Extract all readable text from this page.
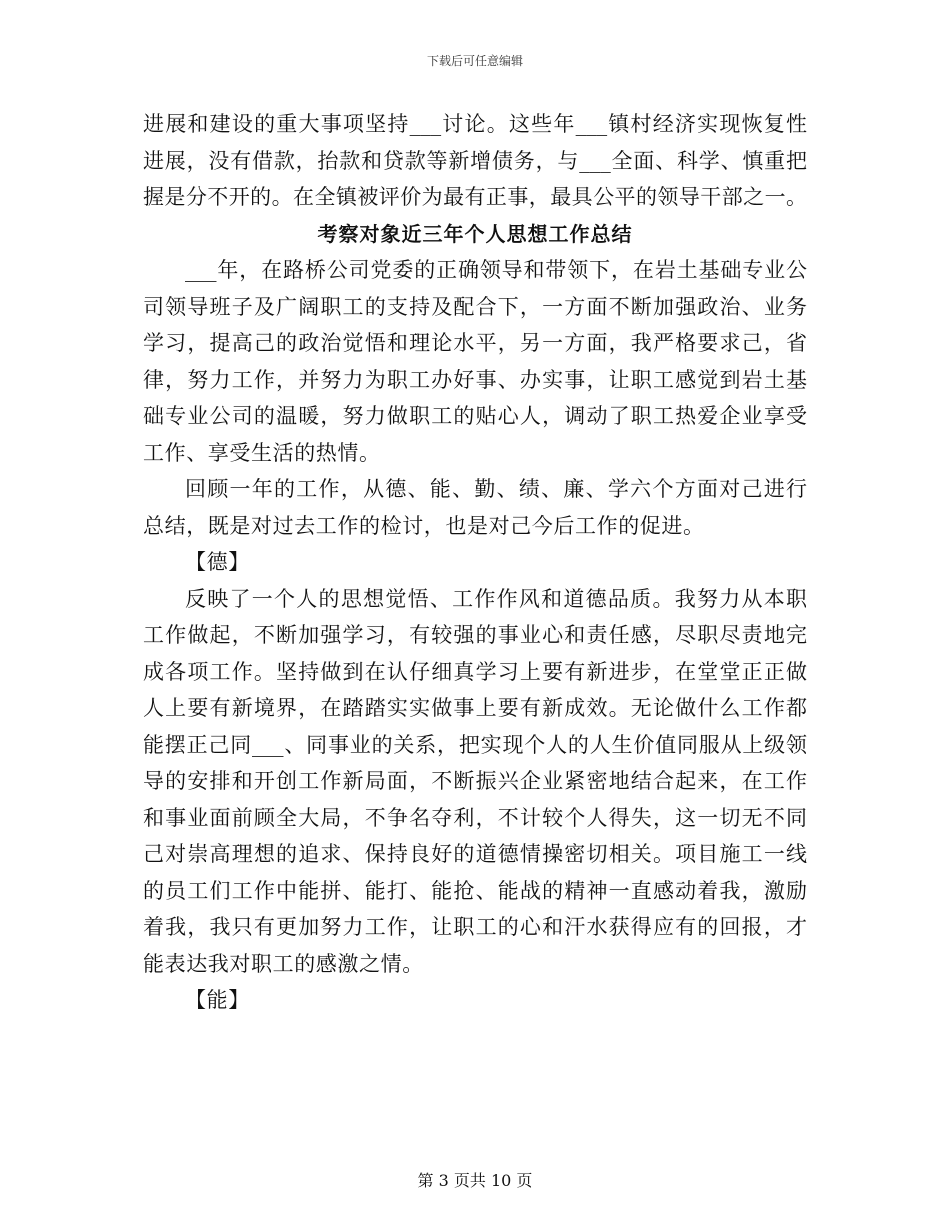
下载后可任意编辑
进展和建设的重大事项坚持___讨论。这些年___镇村经济实现恢复性
进展，没有借款，抬款和贷款等新增债务，与___全面、科学、慎重把
握是分不开的。在全镇被评价为最有正事，最具公平的领导干部之一。
考察对象近三年个人思想工作总结
___年，在路桥公司党委的正确领导和带领下，在岩土基础专业公
司领导班子及广阔职工的支持及配合下，一方面不断加强政治、业务
学习，提高己的政治觉悟和理论水平，另一方面，我严格要求己，省
律，努力工作，并努力为职工办好事、办实事，让职工感觉到岩土基
础专业公司的温暖，努力做职工的贴心人，调动了职工热爱企业享受
工作、享受生活的热情。
回顾一年的工作，从德、能、勤、绩、廉、学六个方面对己进行
总结，既是对过去工作的检讨，也是对己今后工作的促进。
【德】
反映了一个人的思想觉悟、工作作风和道德品质。我努力从本职
工作做起，不断加强学习，有较强的事业心和责任感，尽职尽责地完
成各项工作。坚持做到在认仔细真学习上要有新进步，在堂堂正正做
人上要有新境界，在踏踏实实做事上要有新成效。无论做什么工作都
能摆正己同___、同事业的关系，把实现个人的人生价值同服从上级领
导的安排和开创工作新局面，不断振兴企业紧密地结合起来，在工作
和事业面前顾全大局，不争名夺利，不计较个人得失，这一切无不同
己对崇高理想的追求、保持良好的道德情操密切相关。项目施工一线
的员工们工作中能拼、能打、能抢、能战的精神一直感动着我，激励
着我，我只有更加努力工作，让职工的心和汗水获得应有的回报，才
能表达我对职工的感激之情。
【能】
第 3 页共 10 页
